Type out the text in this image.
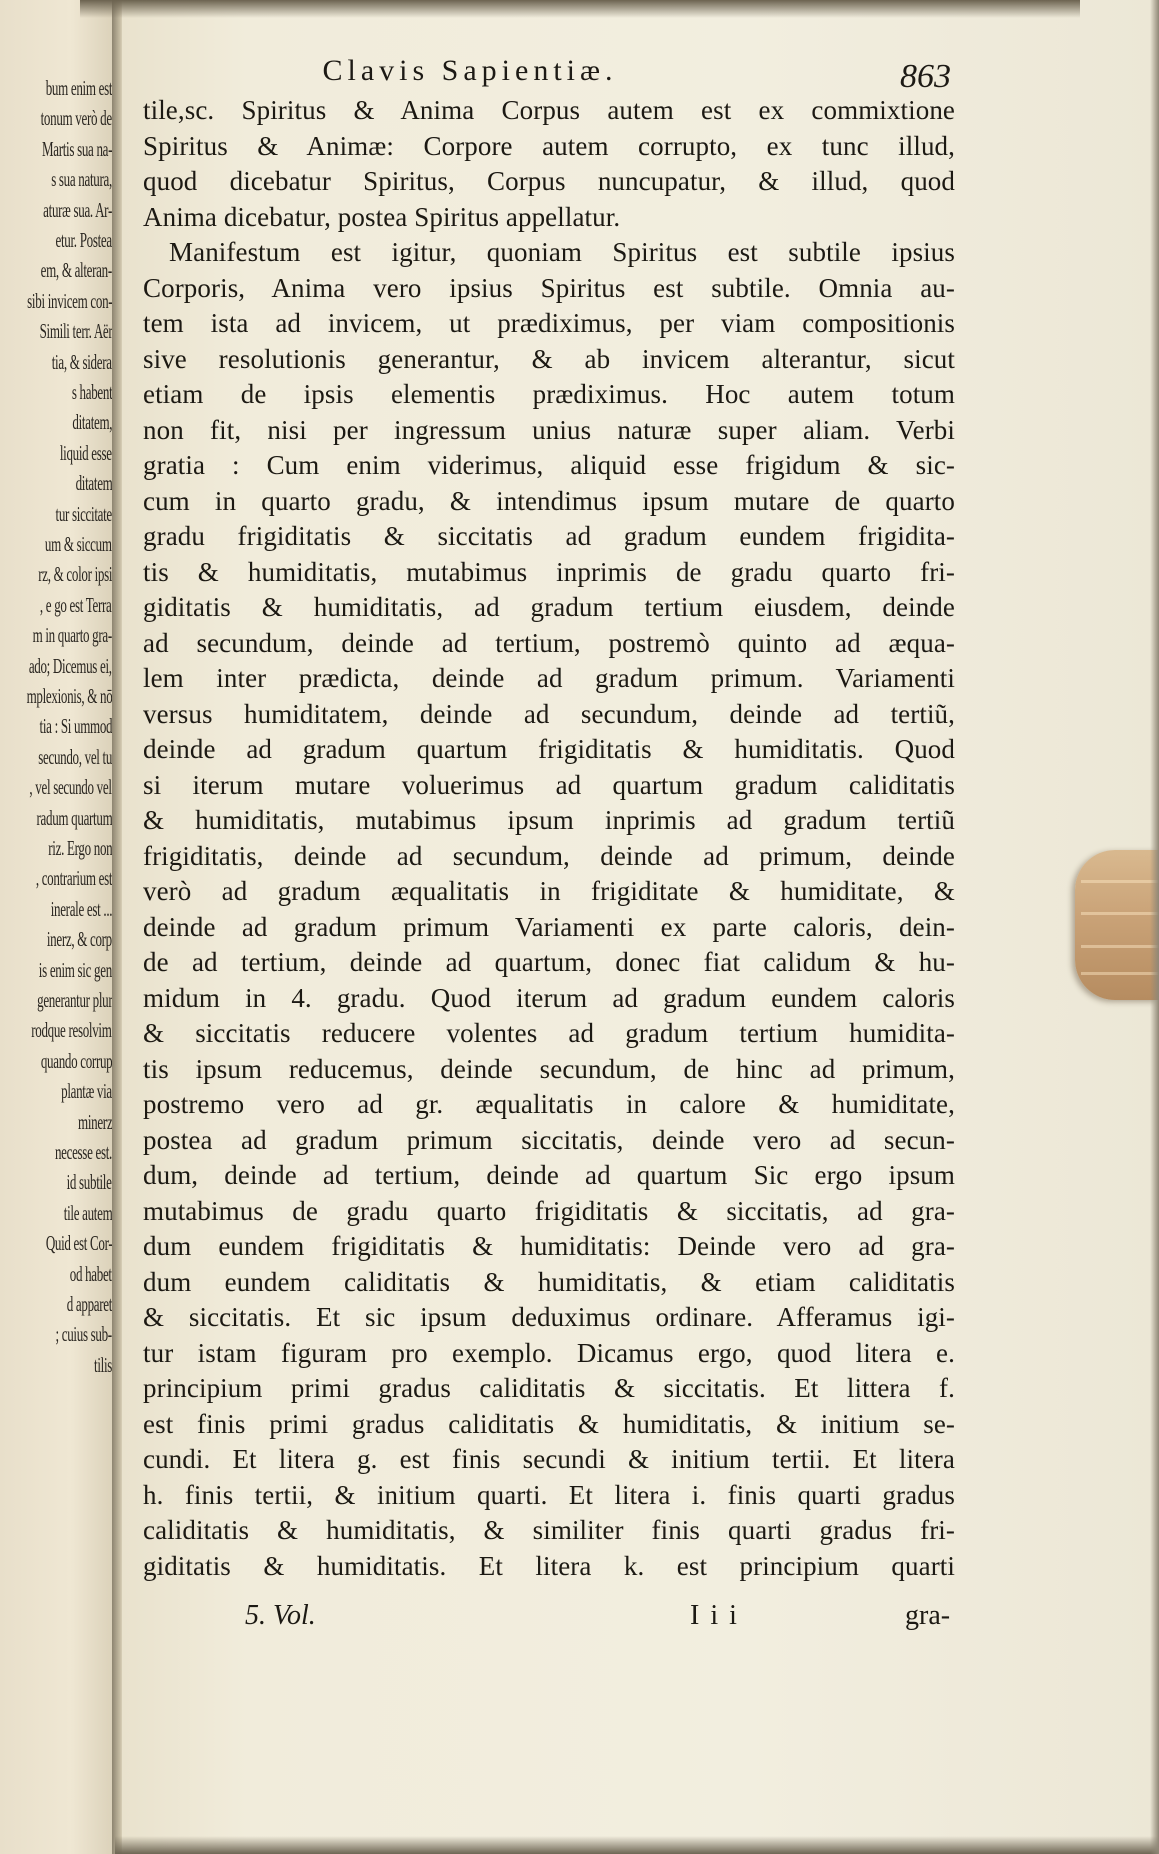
bum enim est
tonum verò de
Martis sua na-
s sua natura,
aturæ sua. Ar-
etur. Postea
em, & alteran-
sibi invicem con-
Simili terr. Aër
tia, & sidera
s habent
ditatem,
liquid esse
ditatem
tur siccitate
um & siccum
rz, & color ipsi
, e go est Terra
m in quarto gra-
ado; Dicemus ei,
mplexionis, & nō
tia : Si ummod
secundo, vel tu
, vel secundo vel
radum quartum
riz. Ergo non
, contrarium est
inerale est ...
inerz, & corp
is enim sic gen
generantur plur
rodque resolvim
quando corrup
plantæ via
minerz
necesse est.
id subtile
tile autem
Quid est Cor-
od habet
d apparet
; cuius sub-
tilis
Clavis Sapientiæ.	863
tile,sc. Spiritus & Anima Corpus autem est ex commixtione
Spiritus & Animæ: Corpore autem corrupto, ex tunc illud,
quod dicebatur Spiritus, Corpus nuncupatur, & illud, quod
Anima dicebatur, postea Spiritus appellatur.
Manifestum est igitur, quoniam Spiritus est subtile ipsius
Corporis, Anima vero ipsius Spiritus est subtile. Omnia au-
tem ista ad invicem, ut prædiximus, per viam compositionis
sive resolutionis generantur, & ab invicem alterantur, sicut
etiam de ipsis elementis prædiximus. Hoc autem totum
non fit, nisi per ingressum unius naturæ super aliam. Verbi
gratia : Cum enim viderimus, aliquid esse frigidum & sic-
cum in quarto gradu, & intendimus ipsum mutare de quarto
gradu frigiditatis & siccitatis ad gradum eundem frigidita-
tis & humiditatis, mutabimus inprimis de gradu quarto fri-
giditatis & humiditatis, ad gradum tertium eiusdem, deinde
ad secundum, deinde ad tertium, postremò quinto ad æqua-
lem inter prædicta, deinde ad gradum primum. Variamenti
versus humiditatem, deinde ad secundum, deinde ad tertiũ,
deinde ad gradum quartum frigiditatis & humiditatis. Quod
si iterum mutare voluerimus ad quartum gradum caliditatis
& humiditatis, mutabimus ipsum inprimis ad gradum tertiũ
frigiditatis, deinde ad secundum, deinde ad primum, deinde
verò ad gradum æqualitatis in frigiditate & humiditate, &
deinde ad gradum primum Variamenti ex parte caloris, dein-
de ad tertium, deinde ad quartum, donec fiat calidum & hu-
midum in 4. gradu. Quod iterum ad gradum eundem caloris
& siccitatis reducere volentes ad gradum tertium humidita-
tis ipsum reducemus, deinde secundum, de hinc ad primum,
postremo vero ad gr. æqualitatis in calore & humiditate,
postea ad gradum primum siccitatis, deinde vero ad secun-
dum, deinde ad tertium, deinde ad quartum Sic ergo ipsum
mutabimus de gradu quarto frigiditatis & siccitatis, ad gra-
dum eundem frigiditatis & humiditatis: Deinde vero ad gra-
dum eundem caliditatis & humiditatis, & etiam caliditatis
& siccitatis. Et sic ipsum deduximus ordinare. Afferamus igi-
tur istam figuram pro exemplo. Dicamus ergo, quod litera e.
principium primi gradus caliditatis & siccitatis. Et littera f.
est finis primi gradus caliditatis & humiditatis, & initium se-
cundi. Et litera g. est finis secundi & initium tertii. Et litera
h. finis tertii, & initium quarti. Et litera i. finis quarti gradus
caliditatis & humiditatis, & similiter finis quarti gradus fri-
giditatis & humiditatis. Et litera k. est principium quarti
5. Vol.	I i i	gra-
